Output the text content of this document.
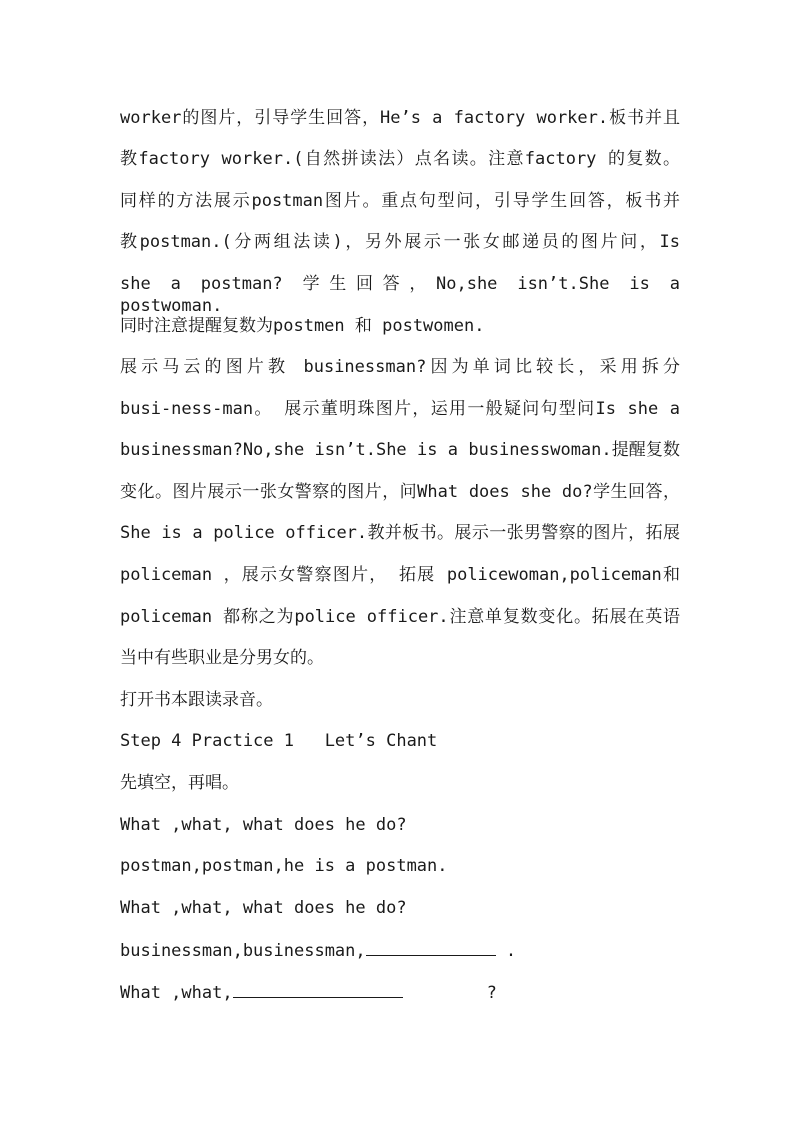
worker的图片，引导学生回答，He’s a factory worker.板书并且
教factory worker.(自然拼读法）点名读。注意factory 的复数。
同样的方法展示postman图片。重点句型问，引导学生回答，板书并
教postman.(分两组法读)，另外展示一张女邮递员的图片问，Is
she a postman? 学生回答，No,she isn’t.She is a postwoman.
同时注意提醒复数为postmen 和 postwomen.
展示马云的图片教 businessman?因为单词比较长，采用拆分
busi-ness-man。 展示董明珠图片，运用一般疑问句型问Is she a
businessman?No,she isn’t.She is a businesswoman.提醒复数
变化。图片展示一张女警察的图片，问What does she do?学生回答，
She is a police officer.教并板书。展示一张男警察的图片，拓展
policeman ，展示女警察图片， 拓展 policewoman,policeman和
policeman 都称之为police officer.注意单复数变化。拓展在英语
当中有些职业是分男女的。
打开书本跟读录音。
Step 4 Practice 1   Let’s Chant
先填空，再唱。
What ,what, what does he do?
postman,postman,he is a postman.
What ,what, what does he do?
businessman,businessman,	.
What ,what,	?
